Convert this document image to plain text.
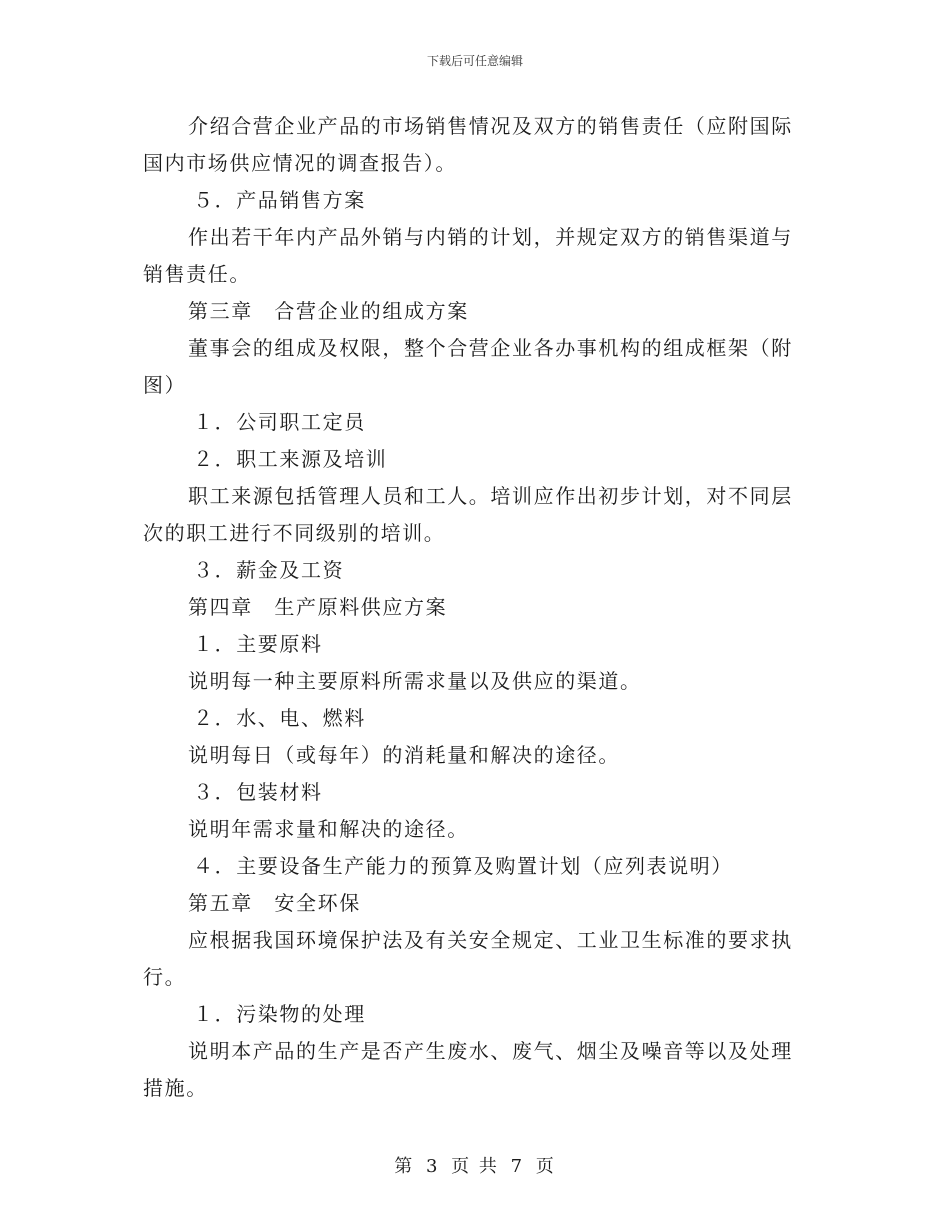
下载后可任意编辑

介绍合营企业产品的市场销售情况及双方的销售责任（应附国际国内市场供应情况的调查报告）。

５．产品销售方案

作出若干年内产品外销与内销的计划，并规定双方的销售渠道与销售责任。

第三章　合营企业的组成方案

董事会的组成及权限，整个合营企业各办事机构的组成框架（附图）

１．公司职工定员

２．职工来源及培训

职工来源包括管理人员和工人。培训应作出初步计划，对不同层次的职工进行不同级别的培训。

３．薪金及工资

第四章　生产原料供应方案

１．主要原料

说明每一种主要原料所需求量以及供应的渠道。

２．水、电、燃料

说明每日（或每年）的消耗量和解决的途径。

３．包装材料

说明年需求量和解决的途径。

４．主要设备生产能力的预算及购置计划（应列表说明）

第五章　安全环保

应根据我国环境保护法及有关安全规定、工业卫生标准的要求执行。

１．污染物的处理

说明本产品的生产是否产生废水、废气、烟尘及噪音等以及处理措施。

第 3 页 共 7 页
